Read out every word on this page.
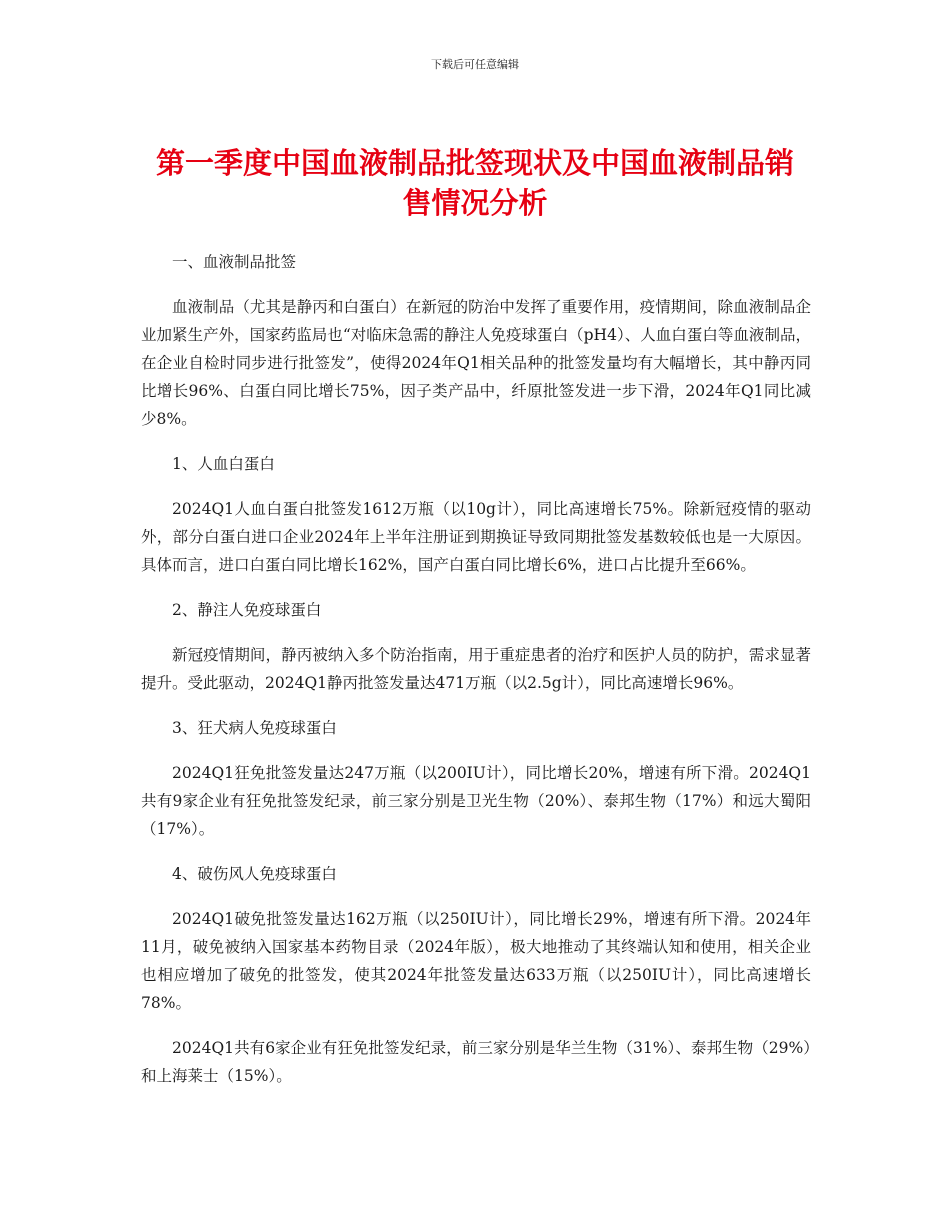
下载后可任意编辑
第一季度中国血液制品批签现状及中国血液制品销售情况分析

一、血液制品批签

血液制品（尤其是静丙和白蛋白）在新冠的防治中发挥了重要作用，疫情期间，除血液制品企业加紧生产外，国家药监局也“对临床急需的静注人免疫球蛋白（pH4）、人血白蛋白等血液制品，在企业自检时同步进行批签发”，使得2024年Q1相关品种的批签发量均有大幅增长，其中静丙同比增长96%、白蛋白同比增长75%，因子类产品中，纤原批签发进一步下滑，2024年Q1同比减少8%。

1、人血白蛋白

2024Q1人血白蛋白批签发1612万瓶（以10g计），同比高速增长75%。除新冠疫情的驱动外，部分白蛋白进口企业2024年上半年注册证到期换证导致同期批签发基数较低也是一大原因。具体而言，进口白蛋白同比增长162%，国产白蛋白同比增长6%，进口占比提升至66%。

2、静注人免疫球蛋白

新冠疫情期间，静丙被纳入多个防治指南，用于重症患者的治疗和医护人员的防护，需求显著提升。受此驱动，2024Q1静丙批签发量达471万瓶（以2.5g计），同比高速增长96%。

3、狂犬病人免疫球蛋白

2024Q1狂免批签发量达247万瓶（以200IU计），同比增长20%，增速有所下滑。2024Q1共有9家企业有狂免批签发纪录，前三家分别是卫光生物（20%）、泰邦生物（17%）和远大蜀阳（17%）。

4、破伤风人免疫球蛋白

2024Q1破免批签发量达162万瓶（以250IU计），同比增长29%，增速有所下滑。2024年11月，破免被纳入国家基本药物目录（2024年版），极大地推动了其终端认知和使用，相关企业也相应增加了破免的批签发，使其2024年批签发量达633万瓶（以250IU计），同比高速增长78%。

2024Q1共有6家企业有狂免批签发纪录，前三家分别是华兰生物（31%）、泰邦生物（29%）和上海莱士（15%）。
